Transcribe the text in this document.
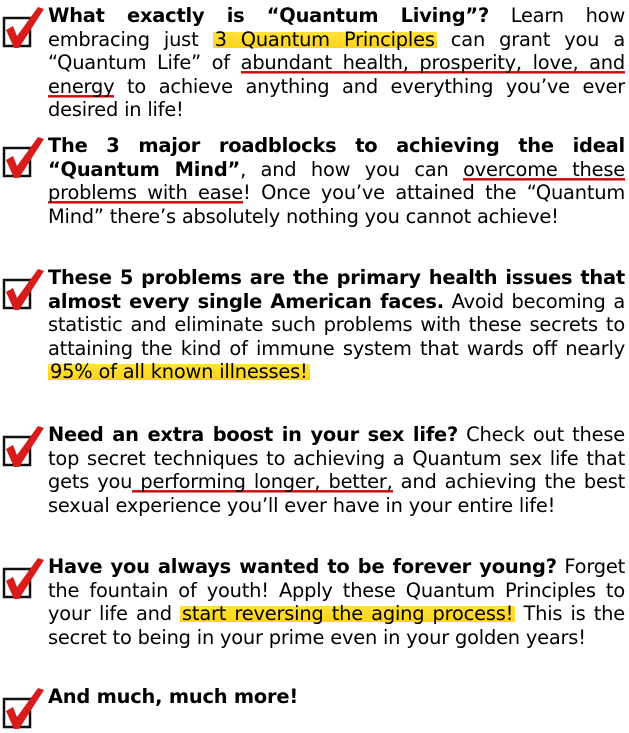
What exactly is “Quantum Living”? Learn how embracing just 3 Quantum Principles can grant you a “Quantum Life” of abundant health, prosperity, love, and energy to achieve anything and everything you’ve ever desired in life!
The 3 major roadblocks to achieving the ideal “Quantum Mind”, and how you can overcome these problems with ease! Once you’ve attained the “Quantum Mind” there’s absolutely nothing you cannot achieve!
These 5 problems are the primary health issues that almost every single American faces. Avoid becoming a statistic and eliminate such problems with these secrets to attaining the kind of immune system that wards off nearly 95% of all known illnesses!
Need an extra boost in your sex life? Check out these top secret techniques to achieving a Quantum sex life that gets you performing longer, better, and achieving the best sexual experience you’ll ever have in your entire life!
Have you always wanted to be forever young? Forget the fountain of youth! Apply these Quantum Principles to your life and start reversing the aging process! This is the secret to being in your prime even in your golden years!
And much, much more!
